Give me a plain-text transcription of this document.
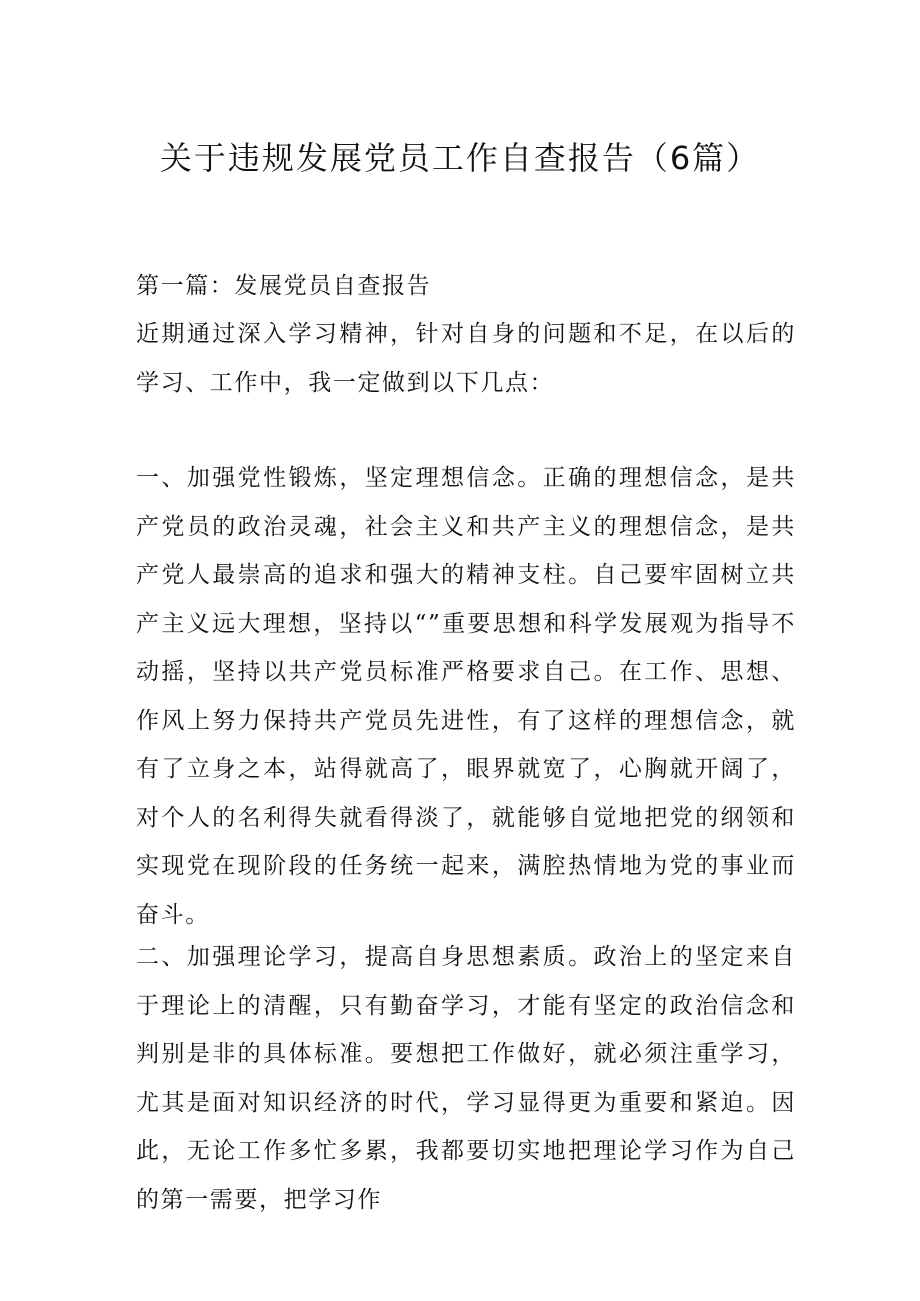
关于违规发展党员工作自查报告（6篇）

第一篇：发展党员自查报告

近期通过深入学习精神，针对自身的问题和不足，在以后的学习、工作中，我一定做到以下几点：

一、加强党性锻炼，坚定理想信念。正确的理想信念，是共产党员的政治灵魂，社会主义和共产主义的理想信念，是共产党人最崇高的追求和强大的精神支柱。自己要牢固树立共产主义远大理想，坚持以“”重要思想和科学发展观为指导不动摇，坚持以共产党员标准严格要求自己。在工作、思想、作风上努力保持共产党员先进性，有了这样的理想信念，就有了立身之本，站得就高了，眼界就宽了，心胸就开阔了，对个人的名利得失就看得淡了，就能够自觉地把党的纲领和实现党在现阶段的任务统一起来，满腔热情地为党的事业而奋斗。

二、加强理论学习，提高自身思想素质。政治上的坚定来自于理论上的清醒，只有勤奋学习，才能有坚定的政治信念和判别是非的具体标准。要想把工作做好，就必须注重学习，尤其是面对知识经济的时代，学习显得更为重要和紧迫。因此，无论工作多忙多累，我都要切实地把理论学习作为自己的第一需要，把学习作
